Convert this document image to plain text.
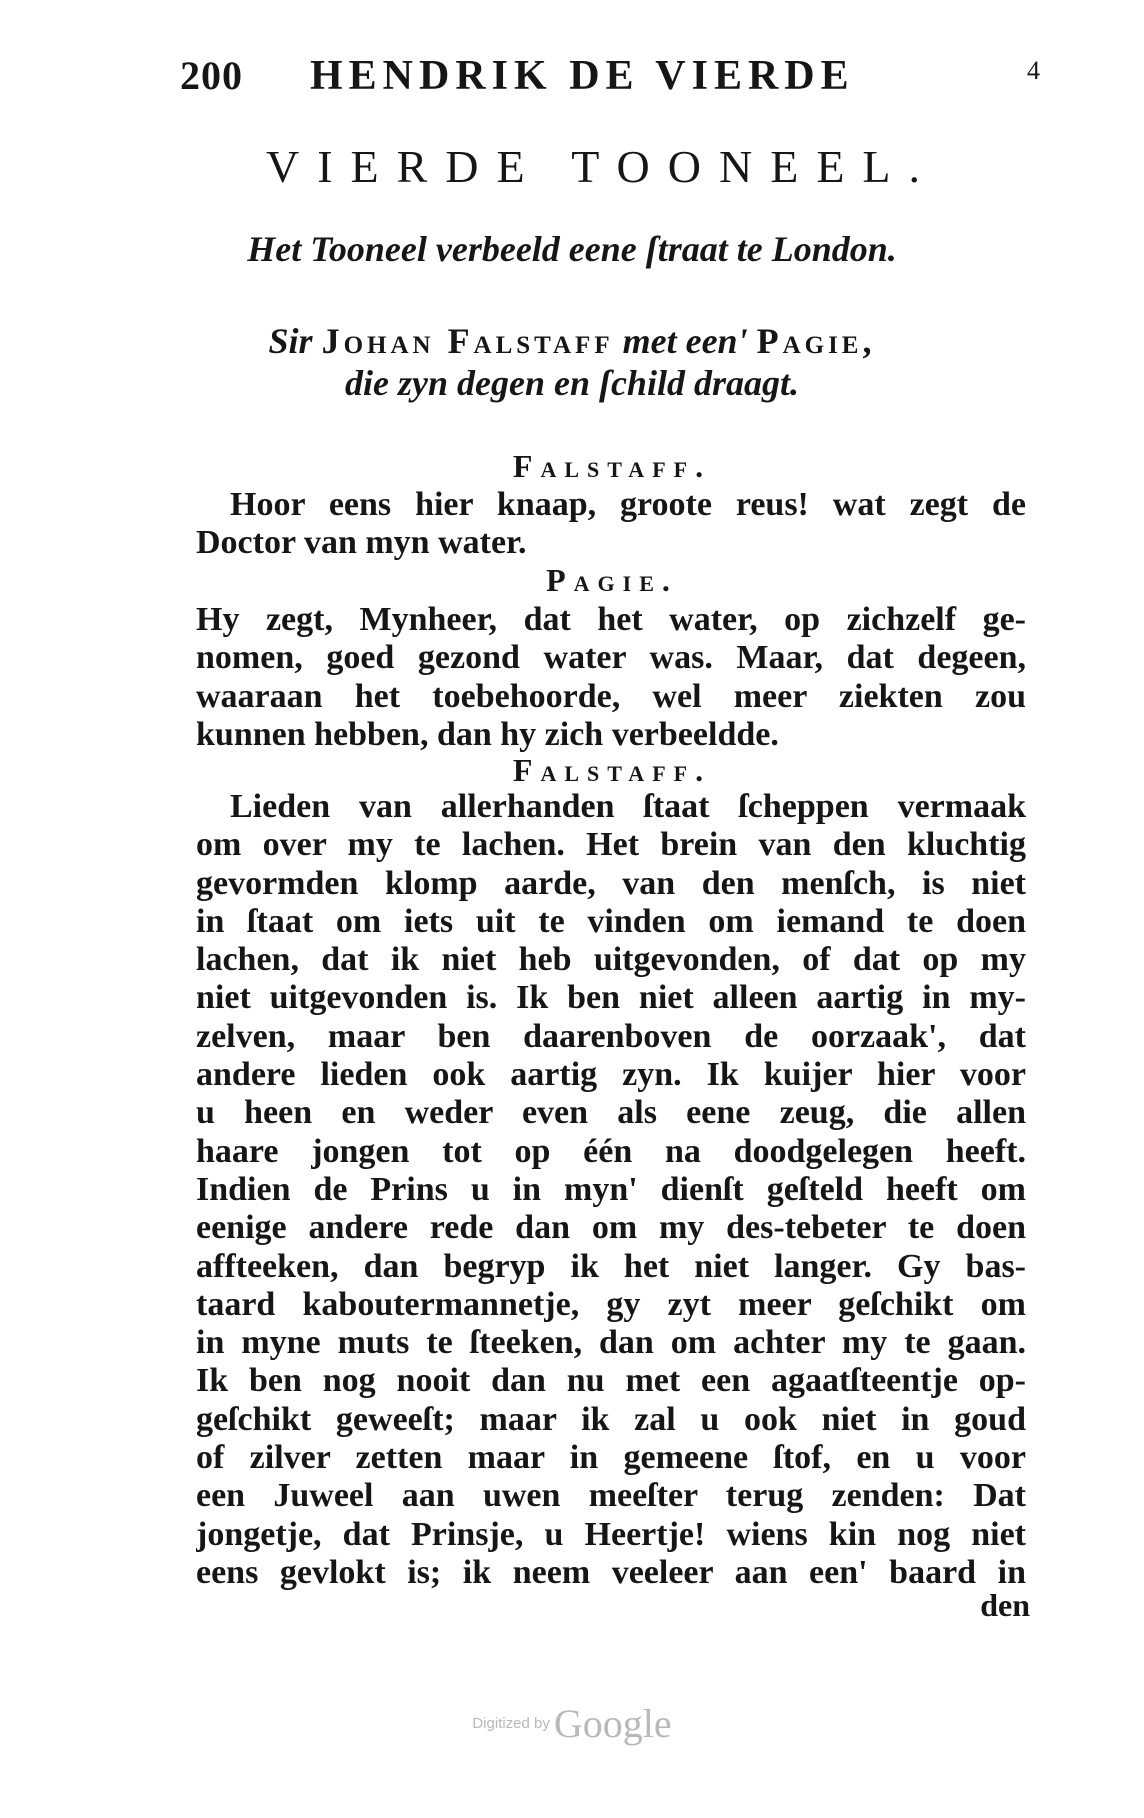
200 HENDRIK DE VIERDE	4
VIERDE TOONEEL.
Het Tooneel verbeeld eene ſtraat te London.
Sir Johan Falstaff met een' Pagie,
die zyn degen en ſchild draagt.
Falstaff.
Hoor eens hier knaap, groote reus! wat zegt de
Doctor van myn water.
Pagie.
Hy zegt, Mynheer, dat het water, op zichzelf ge-
nomen, goed gezond water was. Maar, dat degeen,
waaraan het toebehoorde, wel meer ziekten zou
kunnen hebben, dan hy zich verbeeldde.
Falstaff.
Lieden van allerhanden ſtaat ſcheppen vermaak
om over my te lachen. Het brein van den kluchtig
gevormden klomp aarde, van den menſch, is niet
in ſtaat om iets uit te vinden om iemand te doen
lachen, dat ik niet heb uitgevonden, of dat op my
niet uitgevonden is. Ik ben niet alleen aartig in my-
zelven, maar ben daarenboven de oorzaak', dat
andere lieden ook aartig zyn. Ik kuijer hier voor
u heen en weder even als eene zeug, die allen
haare jongen tot op één na doodgelegen heeft.
Indien de Prins u in myn' dienſt geſteld heeft om
eenige andere rede dan om my des-tebeter te doen
affteeken, dan begryp ik het niet langer. Gy bas-
taard kaboutermannetje, gy zyt meer geſchikt om
in myne muts te ſteeken, dan om achter my te gaan.
Ik ben nog nooit dan nu met een agaatſteentje op-
geſchikt geweeſt; maar ik zal u ook niet in goud
of zilver zetten maar in gemeene ſtof, en u voor
een Juweel aan uwen meeſter terug zenden: Dat
jongetje, dat Prinsje, u Heertje! wiens kin nog niet
eens gevlokt is; ik neem veeleer aan een' baard in
den
Digitized by Google
